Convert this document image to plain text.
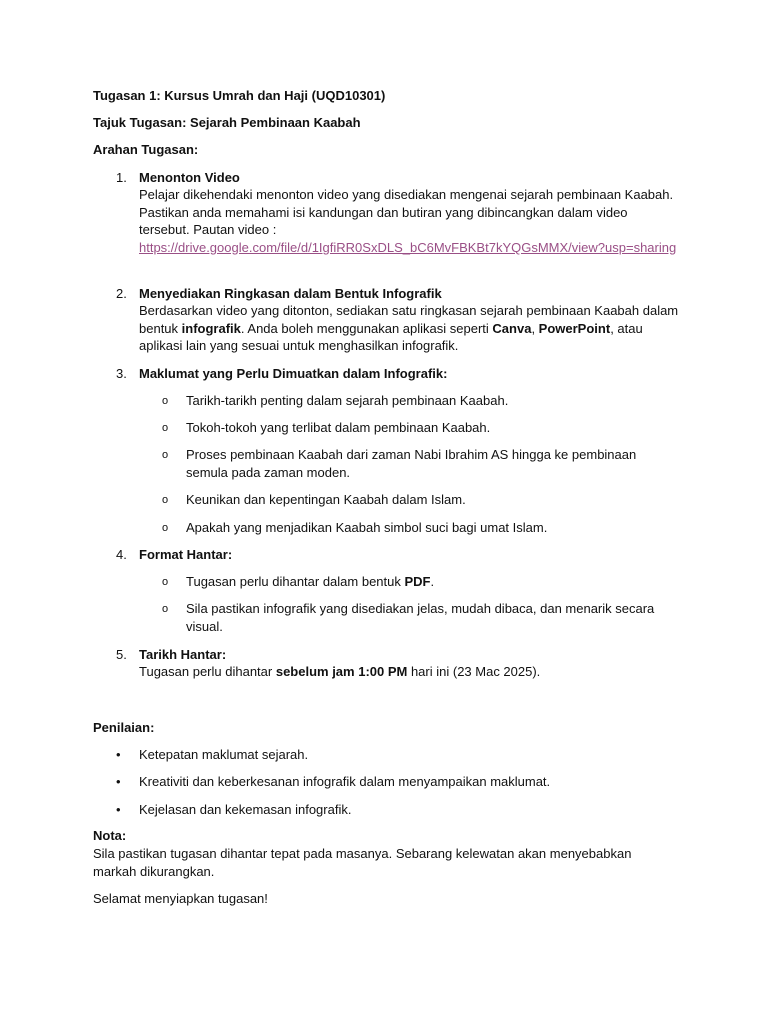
Tugasan 1: Kursus Umrah dan Haji (UQD10301)

Tajuk Tugasan: Sejarah Pembinaan Kaabah

Arahan Tugasan:

1. Menonton Video

Pelajar dikehendaki menonton video yang disediakan mengenai sejarah pembinaan Kaabah. Pastikan anda memahami isi kandungan dan butiran yang dibincangkan dalam video tersebut. Pautan video :

https://drive.google.com/file/d/1IgfiRR0SxDLS_bC6MvFBKBt7kYQGsMMX/view?usp=sharing

2. Menyediakan Ringkasan dalam Bentuk Infografik

Berdasarkan video yang ditonton, sediakan satu ringkasan sejarah pembinaan Kaabah dalam bentuk infografik. Anda boleh menggunakan aplikasi seperti Canva, PowerPoint, atau aplikasi lain yang sesuai untuk menghasilkan infografik.

3. Maklumat yang Perlu Dimuatkan dalam Infografik:

o Tarikh-tarikh penting dalam sejarah pembinaan Kaabah.

o Tokoh-tokoh yang terlibat dalam pembinaan Kaabah.

o Proses pembinaan Kaabah dari zaman Nabi Ibrahim AS hingga ke pembinaan semula pada zaman moden.

o Keunikan dan kepentingan Kaabah dalam Islam.

o Apakah yang menjadikan Kaabah simbol suci bagi umat Islam.

4. Format Hantar:

o Tugasan perlu dihantar dalam bentuk PDF.

o Sila pastikan infografik yang disediakan jelas, mudah dibaca, dan menarik secara visual.

5. Tarikh Hantar:

Tugasan perlu dihantar sebelum jam 1:00 PM hari ini (23 Mac 2025).

Penilaian:

• Ketepatan maklumat sejarah.

• Kreativiti dan keberkesanan infografik dalam menyampaikan maklumat.

• Kejelasan dan kekemasan infografik.

Nota:

Sila pastikan tugasan dihantar tepat pada masanya. Sebarang kelewatan akan menyebabkan markah dikurangkan.

Selamat menyiapkan tugasan!
